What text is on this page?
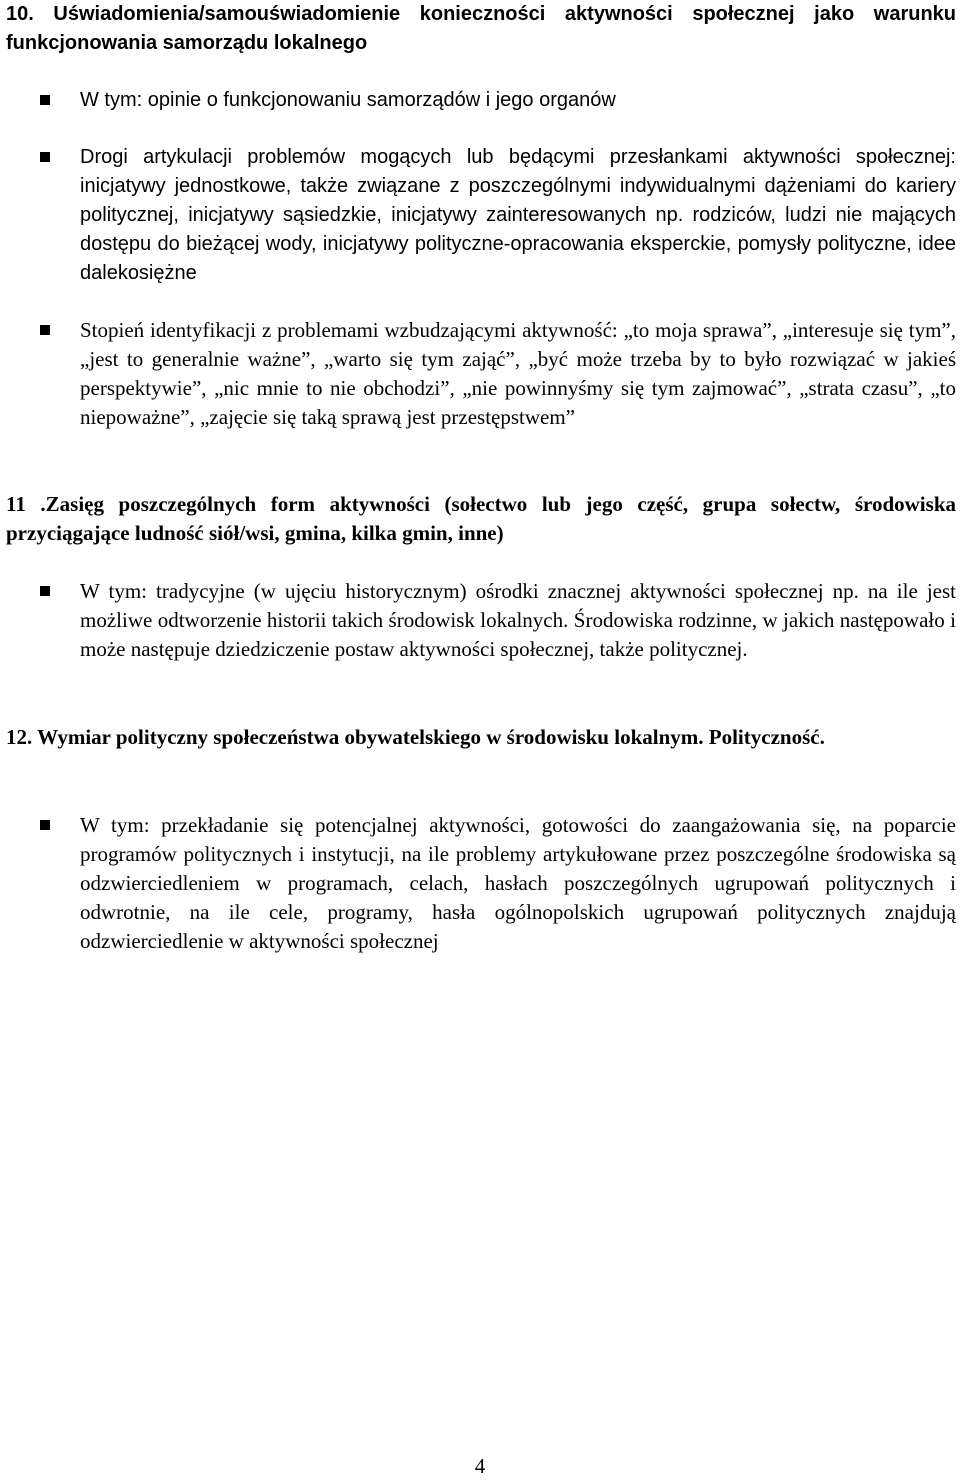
10. Uświadomienia/samouświadomienie konieczności aktywności społecznej jako warunku funkcjonowania samorządu lokalnego
W tym: opinie o funkcjonowaniu samorządów i jego organów
Drogi artykulacji problemów mogących lub będącymi przesłankami aktywności społecznej: inicjatywy jednostkowe, także związane z poszczególnymi indywidualnymi dążeniami do kariery politycznej, inicjatywy sąsiedzkie, inicjatywy zainteresowanych np. rodziców, ludzi nie mających dostępu do bieżącej wody, inicjatywy polityczne-opracowania eksperckie, pomysły polityczne, idee dalekosiężne
Stopień identyfikacji z problemami wzbudzającymi aktywność: „to moja sprawa”, „interesuje się tym”, „jest to generalnie ważne”, „warto się tym zająć”, „być może trzeba by to było rozwiązać w jakieś perspektywie”, „nic mnie to nie obchodzi”, „nie powinnyśmy się tym zajmować”, „strata czasu”, „to niepoważne”, „zajęcie się taką sprawą jest przestępstwem”
11 .Zasięg poszczególnych form aktywności (sołectwo lub jego część, grupa sołectw, środowiska przyciągające ludność siół/wsi, gmina, kilka gmin, inne)
W tym: tradycyjne (w ujęciu historycznym) ośrodki znacznej aktywności społecznej np. na ile jest możliwe odtworzenie historii takich środowisk lokalnych. Środowiska rodzinne, w jakich następowało i może następuje dziedziczenie postaw aktywności społecznej, także politycznej.
12. Wymiar polityczny społeczeństwa obywatelskiego w środowisku lokalnym. Polityczność.
W tym: przekładanie się potencjalnej aktywności, gotowości do zaangażowania się, na poparcie programów politycznych i instytucji, na ile problemy artykułowane przez poszczególne środowiska są odzwierciedleniem w programach, celach, hasłach poszczególnych ugrupowań politycznych i odwrotnie, na ile cele, programy, hasła ogólnopolskich ugrupowań politycznych znajdują odzwierciedlenie w aktywności społecznej
4
